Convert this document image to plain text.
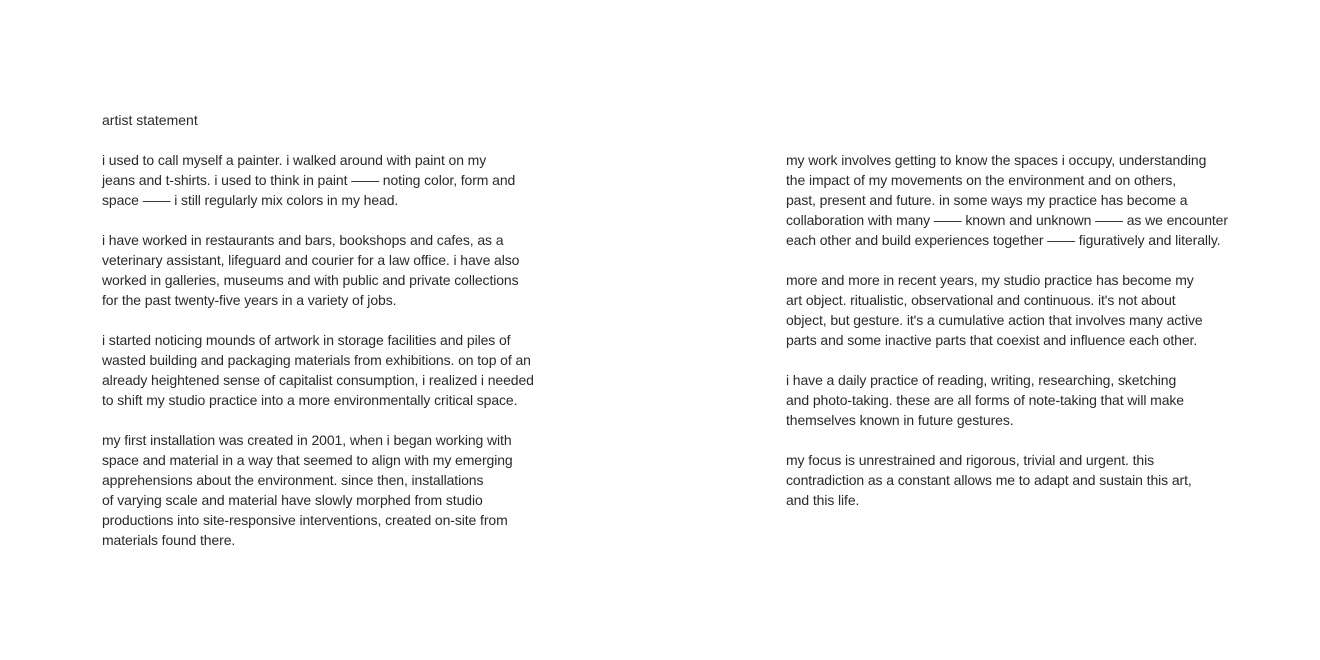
artist statement
i used to call myself a painter. i walked around with paint on my
jeans and t-shirts. i used to think in paint —— noting color, form and
space —— i still regularly mix colors in my head.
i have worked in restaurants and bars, bookshops and cafes, as a
veterinary assistant, lifeguard and courier for a law office. i have also
worked in galleries, museums and with public and private collections
for the past twenty-five years in a variety of jobs.
i started noticing mounds of artwork in storage facilities and piles of
wasted building and packaging materials from exhibitions. on top of an
already heightened sense of capitalist consumption, i realized i needed
to shift my studio practice into a more environmentally critical space.
my first installation was created in 2001, when i began working with
space and material in a way that seemed to align with my emerging
apprehensions about the environment. since then, installations
of varying scale and material have slowly morphed from studio
productions into site-responsive interventions, created on-site from
materials found there.
my work involves getting to know the spaces i occupy, understanding
the impact of my movements on the environment and on others,
past, present and future. in some ways my practice has become a
collaboration with many —— known and unknown —— as we encounter
each other and build experiences together —— figuratively and literally.
more and more in recent years, my studio practice has become my
art object. ritualistic, observational and continuous. it's not about
object, but gesture. it's a cumulative action that involves many active
parts and some inactive parts that coexist and influence each other.
i have a daily practice of reading, writing, researching, sketching
and photo-taking. these are all forms of note-taking that will make
themselves known in future gestures.
my focus is unrestrained and rigorous, trivial and urgent. this
contradiction as a constant allows me to adapt and sustain this art,
and this life.
